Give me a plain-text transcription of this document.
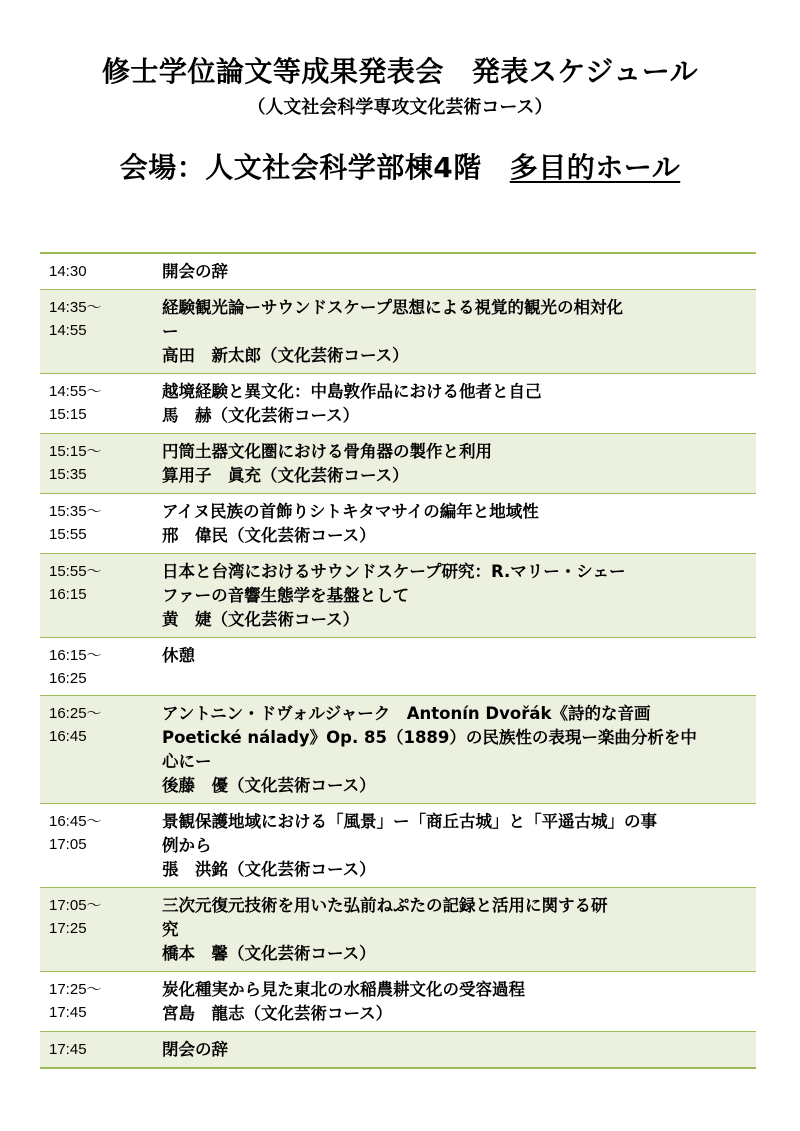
修士学位論文等成果発表会 発表スケジュール
（人文社会科学専攻文化芸術コース）
会場：人文社会科学部棟4階 多目的ホール
14:30	開会の辞
14:35〜
14:55
経験観光論ーサウンドスケープ思想による視覚的観光の相対化
ー
高田　新太郎（文化芸術コース）
14:55〜
15:15
越境経験と異文化：中島敦作品における他者と自己
馬　赫（文化芸術コース）
15:15〜
15:35
円筒土器文化圏における骨角器の製作と利用
算用子　眞充（文化芸術コース）
15:35〜
15:55
アイヌ民族の首飾りシトキタマサイの編年と地域性
邢　偉民（文化芸術コース）
15:55〜
16:15
日本と台湾におけるサウンドスケープ研究：R.マリー・シェー
ファーの音響生態学を基盤として
黄　婕（文化芸術コース）
16:15〜
16:25
休憩
16:25〜
16:45
アントニン・ドヴォルジャーク　Antonín Dvořák《詩的な音画
Poetické nálady》Op. 85（1889）の民族性の表現ー楽曲分析を中
心にー
後藤　優（文化芸術コース）
16:45〜
17:05
景観保護地域における「風景」ー「商丘古城」と「平遥古城」の事
例から
張　洪銘（文化芸術コース）
17:05〜
17:25
三次元復元技術を用いた弘前ねぷたの記録と活用に関する研
究
橋本　馨（文化芸術コース）
17:25〜
17:45
炭化種実から見た東北の水稲農耕文化の受容過程
宮島　龍志（文化芸術コース）
17:45	閉会の辞
